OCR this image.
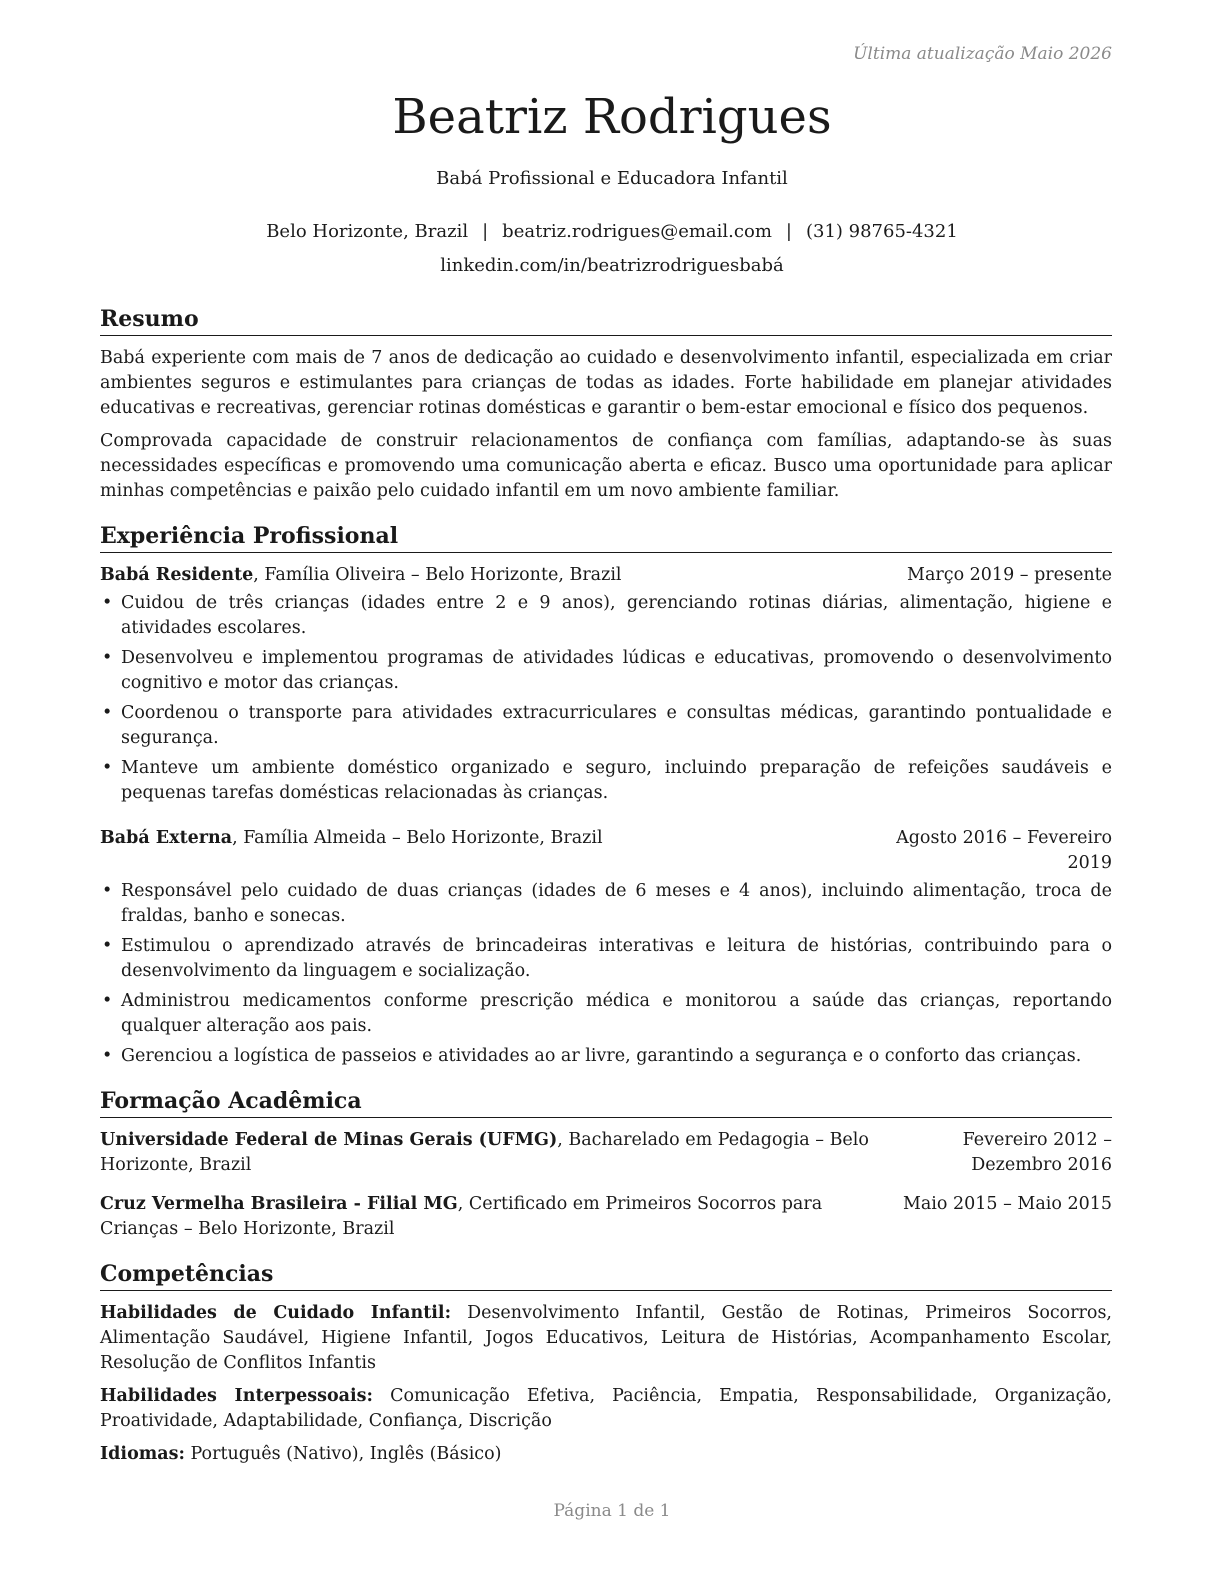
Última atualização Maio 2026
Beatriz Rodrigues
Babá Profissional e Educadora Infantil
Belo Horizonte, Brazil | beatriz.rodrigues@email.com | (31) 98765-4321
linkedin.com/in/beatrizrodriguesbabá
Resumo

Babá experiente com mais de 7 anos de dedicação ao cuidado e desenvolvimento infantil, especializada em criar ambientes seguros e estimulantes para crianças de todas as idades. Forte habilidade em planejar atividades educativas e recreativas, gerenciar rotinas domésticas e garantir o bem-estar emocional e físico dos pequenos.

Comprovada capacidade de construir relacionamentos de confiança com famílias, adaptando-se às suas necessidades específicas e promovendo uma comunicação aberta e eficaz. Busco uma oportunidade para aplicar minhas competências e paixão pelo cuidado infantil em um novo ambiente familiar.

Experiência Profissional
Babá Residente, Família Oliveira – Belo Horizonte, Brazil	Março 2019 – presente
• Cuidou de três crianças (idades entre 2 e 9 anos), gerenciando rotinas diárias, alimentação, higiene e atividades escolares.
• Desenvolveu e implementou programas de atividades lúdicas e educativas, promovendo o desenvolvimento cognitivo e motor das crianças.
• Coordenou o transporte para atividades extracurriculares e consultas médicas, garantindo pontualidade e segurança.
• Manteve um ambiente doméstico organizado e seguro, incluindo preparação de refeições saudáveis e pequenas tarefas domésticas relacionadas às crianças.
Babá Externa, Família Almeida – Belo Horizonte, Brazil	Agosto 2016 – Fevereiro 2019
• Responsável pelo cuidado de duas crianças (idades de 6 meses e 4 anos), incluindo alimentação, troca de fraldas, banho e sonecas.
• Estimulou o aprendizado através de brincadeiras interativas e leitura de histórias, contribuindo para o desenvolvimento da linguagem e socialização.
• Administrou medicamentos conforme prescrição médica e monitorou a saúde das crianças, reportando qualquer alteração aos pais.
• Gerenciou a logística de passeios e atividades ao ar livre, garantindo a segurança e o conforto das crianças.
Formação Acadêmica
Universidade Federal de Minas Gerais (UFMG), Bacharelado em Pedagogia – Belo Horizonte, Brazil
Fevereiro 2012 – Dezembro 2016
Cruz Vermelha Brasileira - Filial MG, Certificado em Primeiros Socorros para Crianças – Belo Horizonte, Brazil
Maio 2015 – Maio 2015
Competências

Habilidades de Cuidado Infantil: Desenvolvimento Infantil, Gestão de Rotinas, Primeiros Socorros, Alimentação Saudável, Higiene Infantil, Jogos Educativos, Leitura de Histórias, Acompanhamento Escolar, Resolução de Conflitos Infantis

Habilidades Interpessoais: Comunicação Efetiva, Paciência, Empatia, Responsabilidade, Organização, Proatividade, Adaptabilidade, Confiança, Discrição

Idiomas: Português (Nativo), Inglês (Básico)

Página 1 de 1
